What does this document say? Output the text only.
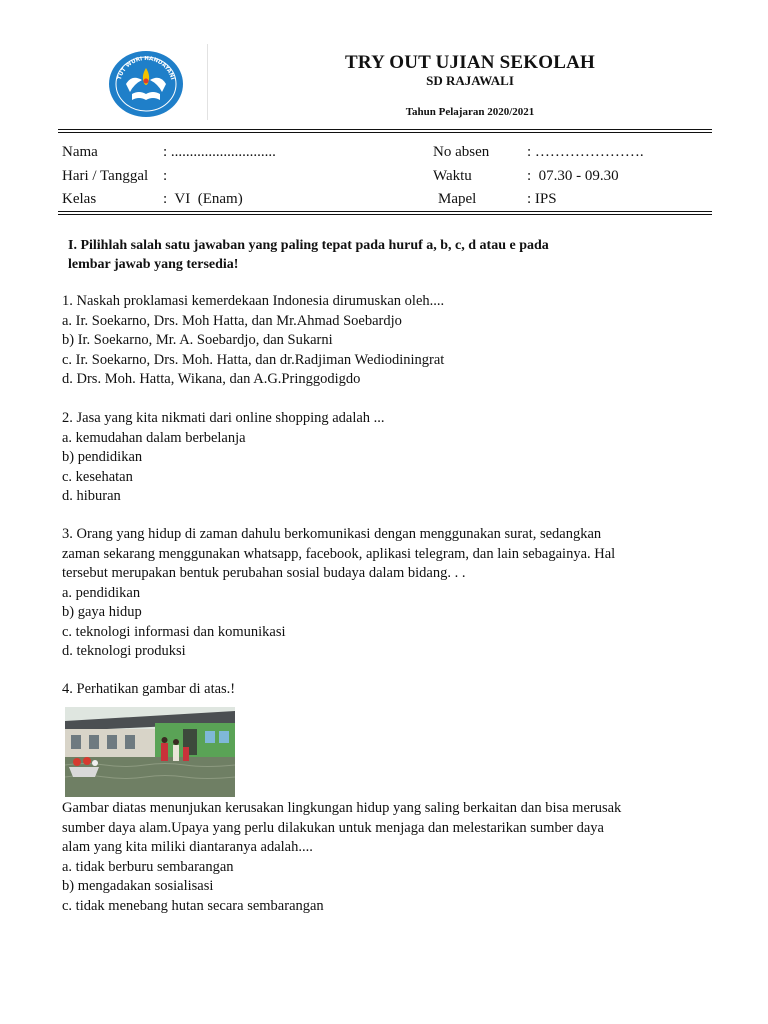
TUT WURI HANDAYANI
TRY OUT UJIAN SEKOLAH
SD RAJAWALI
Tahun Pelajaran 2020/2021
Nama	: ............................	No absen	: ………………….
Hari / Tanggal :	Waktu	:  07.30 - 09.30
Kelas	:  VI  (Enam)	Mapel	: IPS
I. Pilihlah salah satu jawaban yang paling tepat pada huruf a, b, c, d atau e pada
lembar jawab yang tersedia!
1. Naskah proklamasi kemerdekaan Indonesia dirumuskan oleh....
a. Ir. Soekarno, Drs. Moh Hatta, dan Mr.Ahmad Soebardjo
b) Ir. Soekarno, Mr. A. Soebardjo, dan Sukarni
c. Ir. Soekarno, Drs. Moh. Hatta, dan dr.Radjiman Wediodiningrat
d. Drs. Moh. Hatta, Wikana, dan A.G.Pringgodigdo
2. Jasa yang kita nikmati dari online shopping adalah ...
a. kemudahan dalam berbelanja
b) pendidikan
c. kesehatan
d. hiburan
3. Orang yang hidup di zaman dahulu berkomunikasi dengan menggunakan surat, sedangkan
zaman sekarang menggunakan whatsapp, facebook, aplikasi telegram, dan lain sebagainya. Hal
tersebut merupakan bentuk perubahan sosial budaya dalam bidang. . .
a. pendidikan
b) gaya hidup
c. teknologi informasi dan komunikasi
d. teknologi produksi
4. Perhatikan gambar di atas.!
Gambar diatas menunjukan kerusakan lingkungan hidup yang saling berkaitan dan bisa merusak
sumber daya alam.Upaya yang perlu dilakukan untuk menjaga dan melestarikan sumber daya
alam yang kita miliki diantaranya adalah....
a. tidak berburu sembarangan
b) mengadakan sosialisasi
c. tidak menebang hutan secara sembarangan
